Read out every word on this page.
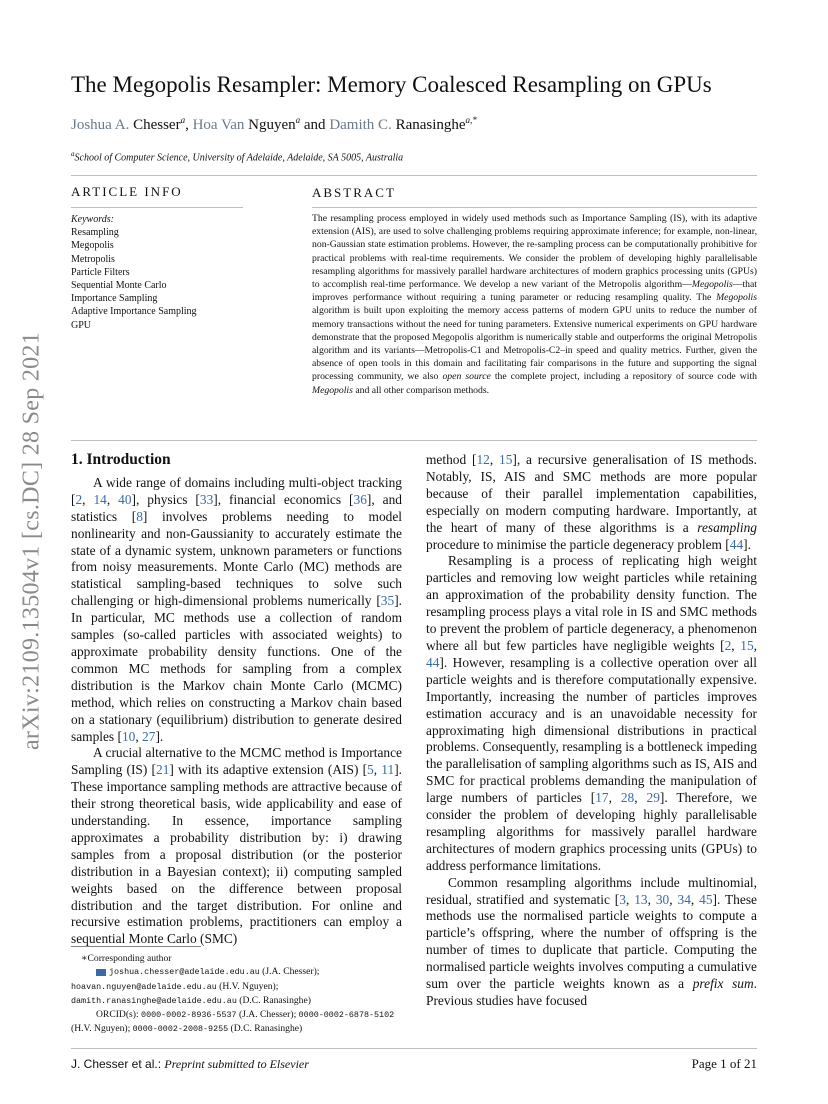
arXiv:2109.13504v1 [cs.DC] 28 Sep 2021
The Megopolis Resampler: Memory Coalesced Resampling on GPUs
Joshua A. Chesser$^a$, Hoa Van Nguyen$^a$ and Damith C. Ranasinghe$^{a,*}$
$^a$School of Computer Science, University of Adelaide, Adelaide, SA 5005, Australia
ARTICLE INFO
Keywords:
Resampling
Megopolis
Metropolis
Particle Filters
Sequential Monte Carlo
Importance Sampling
Adaptive Importance Sampling
GPU
ABSTRACT
The resampling process employed in widely used methods such as Importance Sampling (IS), with its adaptive extension (AIS), are used to solve challenging problems requiring approximate inference; for example, non-linear, non-Gaussian state estimation problems. However, the re-sampling process can be computationally prohibitive for practical problems with real-time requirements. We consider the problem of developing highly parallelisable resampling algorithms for massively parallel hardware architectures of modern graphics processing units (GPUs) to accomplish real-time performance. We develop a new variant of the Metropolis algorithm—Megopolis—that improves performance without requiring a tuning parameter or reducing resampling quality. The Megopolis algorithm is built upon exploiting the memory access patterns of modern GPU units to reduce the number of memory transactions without the need for tuning parameters. Extensive numerical experiments on GPU hardware demonstrate that the proposed Megopolis algorithm is numerically stable and outperforms the original Metropolis algorithm and its variants—Metropolis-C1 and Metropolis-C2–in speed and quality metrics. Further, given the absence of open tools in this domain and facilitating fair comparisons in the future and supporting the signal processing community, we also open source the complete project, including a repository of source code with Megopolis and all other comparison methods.
1. Introduction

A wide range of domains including multi-object tracking [2, 14, 40], physics [33], financial economics [36], and statistics [8] involves problems needing to model nonlinearity and non-Gaussianity to accurately estimate the state of a dynamic system, unknown parameters or functions from noisy measurements. Monte Carlo (MC) methods are statistical sampling-based techniques to solve such challenging or high-dimensional problems numerically [35]. In particular, MC methods use a collection of random samples (so-called particles with associated weights) to approximate probability density functions. One of the common MC methods for sampling from a complex distribution is the Markov chain Monte Carlo (MCMC) method, which relies on constructing a Markov chain based on a stationary (equilibrium) distribution to generate desired samples [10, 27].

A crucial alternative to the MCMC method is Importance Sampling (IS) [21] with its adaptive extension (AIS) [5, 11]. These importance sampling methods are attractive because of their strong theoretical basis, wide applicability and ease of understanding. In essence, importance sampling approximates a probability distribution by: i) drawing samples from a proposal distribution (or the posterior distribution in a Bayesian context); ii) computing sampled weights based on the difference between proposal distribution and the target distribution. For online and recursive estimation problems, practitioners can employ a sequential Monte Carlo (SMC)

method [12, 15], a recursive generalisation of IS methods. Notably, IS, AIS and SMC methods are more popular because of their parallel implementation capabilities, especially on modern computing hardware. Importantly, at the heart of many of these algorithms is a resampling procedure to minimise the particle degeneracy problem [44].

Resampling is a process of replicating high weight particles and removing low weight particles while retaining an approximation of the probability density function. The resampling process plays a vital role in IS and SMC methods to prevent the problem of particle degeneracy, a phenomenon where all but few particles have negligible weights [2, 15, 44]. However, resampling is a collective operation over all particle weights and is therefore computationally expensive. Importantly, increasing the number of particles improves estimation accuracy and is an unavoidable necessity for approximating high dimensional distributions in practical problems. Consequently, resampling is a bottleneck impeding the parallelisation of sampling algorithms such as IS, AIS and SMC for practical problems demanding the manipulation of large numbers of particles [17, 28, 29]. Therefore, we consider the problem of developing highly parallelisable resampling algorithms for massively parallel hardware architectures of modern graphics processing units (GPUs) to address performance limitations.

Common resampling algorithms include multinomial, residual, stratified and systematic [3, 13, 30, 34, 45]. These methods use the normalised particle weights to compute a particle’s offspring, where the number of offspring is the number of times to duplicate that particle. Computing the normalised particle weights involves computing a cumulative sum over the particle weights known as a prefix sum. Previous studies have focused

∗Corresponding author
joshua.chesser@adelaide.edu.au (J.A. Chesser);
hoavan.nguyen@adelaide.edu.au (H.V. Nguyen);
damith.ranasinghe@adelaide.edu.au (D.C. Ranasinghe)
ORCID(s): 0000-0002-8936-5537 (J.A. Chesser); 0000-0002-6878-5102
(H.V. Nguyen); 0000-0002-2008-9255 (D.C. Ranasinghe)
J. Chesser et al.: Preprint submitted to Elsevier	Page 1 of 21
